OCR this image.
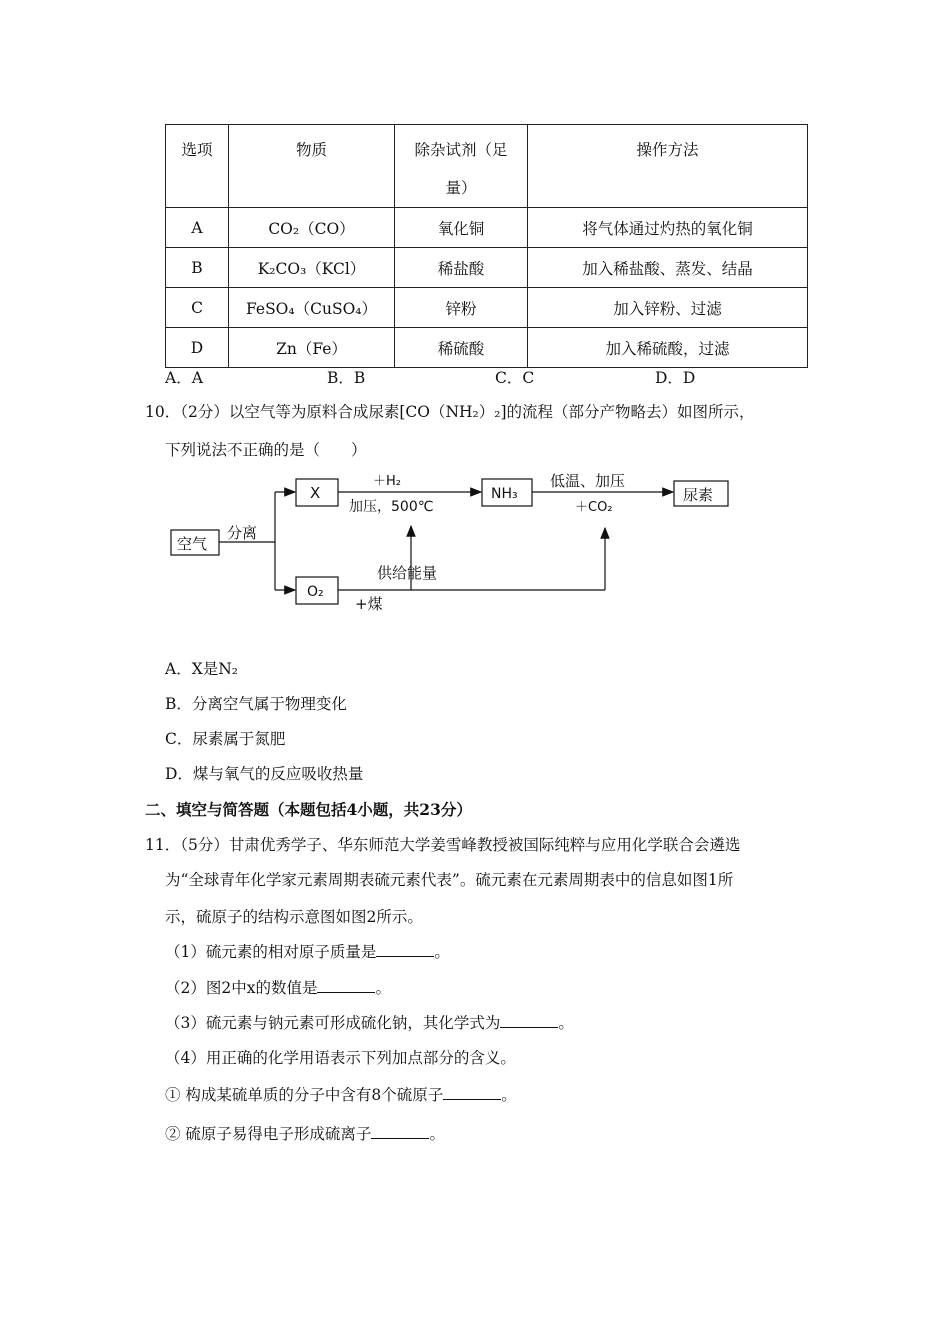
选项	物质	除杂试剂（足量）	操作方法
A	CO₂（CO）	氧化铜	将气体通过灼热的氧化铜
B	K₂CO₃（KCl）	稀盐酸	加入稀盐酸、蒸发、结晶
C	FeSO₄（CuSO₄）	锌粉	加入锌粉、过滤
D	Zn（Fe）	稀硫酸	加入稀硫酸，过滤
A．A	B．B	C．C	D．D
10．（2分）以空气等为原料合成尿素[CO（NH₂）₂]的流程（部分产物略去）如图所示，
下列说法不正确的是（　　）
空气
分离
X
＋H₂
加压，500℃
NH₃
低温、加压
＋CO₂
尿素
O₂
+煤
供给能量
A．X是N₂
B．分离空气属于物理变化
C．尿素属于氮肥
D．煤与氧气的反应吸收热量
二、填空与简答题（本题包括4小题，共23分）
11．（5分）甘肃优秀学子、华东师范大学姜雪峰教授被国际纯粹与应用化学联合会遴选
为“全球青年化学家元素周期表硫元素代表”。硫元素在元素周期表中的信息如图1所
示，硫原子的结构示意图如图2所示。
（1）硫元素的相对原子质量是	。
（2）图2中x的数值是	。
（3）硫元素与钠元素可形成硫化钠，其化学式为	。
（4）用正确的化学用语表示下列加点部分的含义。
① 构成某硫单质的分子中含有8个硫原子	。
② 硫原子易得电子形成硫离子	。
